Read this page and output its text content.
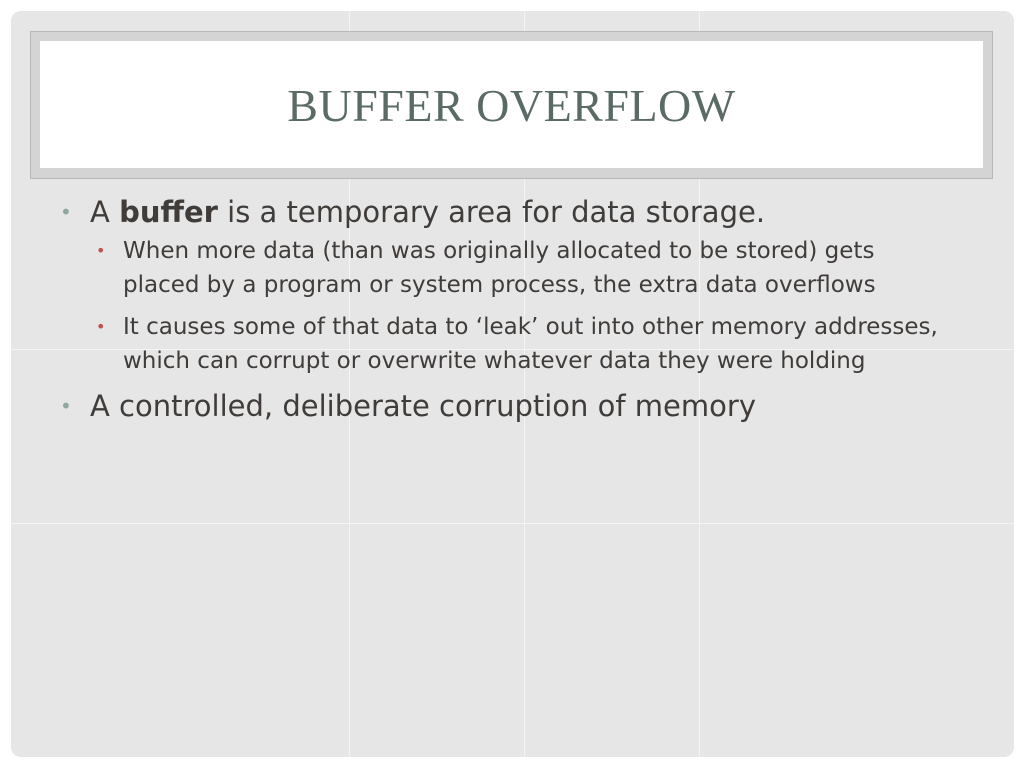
BUFFER OVERFLOW
• A buffer is a temporary area for data storage.
• When more data (than was originally allocated to be stored) gets placed by a program or system process, the extra data overflows
• It causes some of that data to ‘leak’ out into other memory addresses, which can corrupt or overwrite whatever data they were holding
• A controlled, deliberate corruption of memory
